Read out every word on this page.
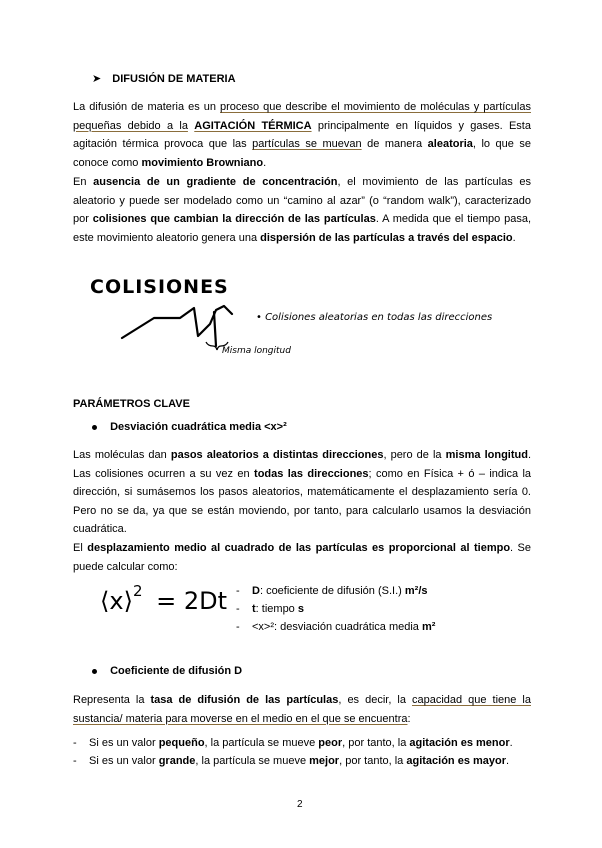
➤ DIFUSIÓN DE MATERIA
La difusión de materia es un proceso que describe el movimiento de moléculas y partículas pequeñas debido a la AGITACIÓN TÉRMICA principalmente en líquidos y gases. Esta agitación térmica provoca que las partículas se muevan de manera aleatoria, lo que se conoce como movimiento Browniano.
En ausencia de un gradiente de concentración, el movimiento de las partículas es aleatorio y puede ser modelado como un “camino al azar” (o “random walk”), caracterizado por colisiones que cambian la dirección de las partículas. A medida que el tiempo pasa, este movimiento aleatorio genera una dispersión de las partículas a través del espacio.
COLISIONES
• Colisiones aleatorias en todas las direcciones
Misma longitud
PARÁMETROS CLAVE
Desviación cuadrática media <x>²
Las moléculas dan pasos aleatorios a distintas direcciones, pero de la misma longitud. Las colisiones ocurren a su vez en todas las direcciones; como en Física + ó – indica la dirección, si sumásemos los pasos aleatorios, matemáticamente el desplazamiento sería 0. Pero no se da, ya que se están moviendo, por tanto, para calcularlo usamos la desviación cuadrática.
El desplazamiento medio al cuadrado de las partículas es proporcional al tiempo. Se puede calcular como:
⟨x⟩$^2$ = 2Dt - D: coeficiente de difusión (S.I.) m²/s
- t: tiempo s
- <x>²: desviación cuadrática media m²
Coeficiente de difusión D
Representa la tasa de difusión de las partículas, es decir, la capacidad que tiene la sustancia/ materia para moverse en el medio en el que se encuentra:
- Si es un valor pequeño, la partícula se mueve peor, por tanto, la agitación es menor.
- Si es un valor grande, la partícula se mueve mejor, por tanto, la agitación es mayor.
2
